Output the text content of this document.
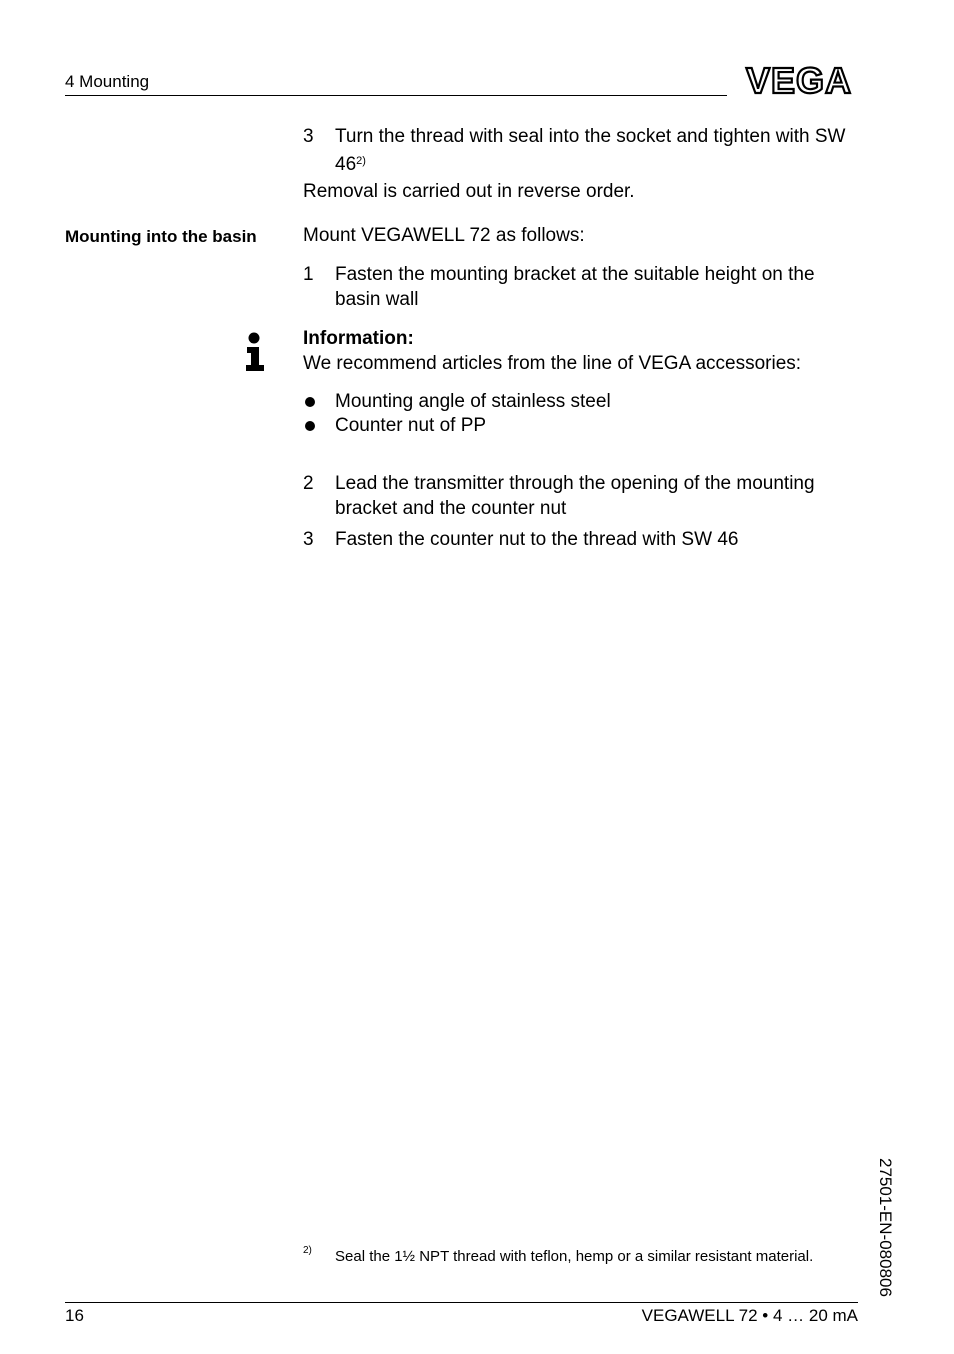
4 Mounting	VEGA
3 Turn the thread with seal into the socket and tighten with SW 46$^{2)}$
Removal is carried out in reverse order.
Mounting into the basin Mount VEGAWELL 72 as follows:
1 Fasten the mounting bracket at the suitable height on the basin wall
Information:
We recommend articles from the line of VEGA accessories:
Mounting angle of stainless steel
Counter nut of PP
2 Lead the transmitter through the opening of the mounting bracket and the counter nut
3 Fasten the counter nut to the thread with SW 46
27501-EN-080806
2) Seal the 1½ NPT thread with teflon, hemp or a similar resistant material.
16	VEGAWELL 72 • 4 … 20 mA
